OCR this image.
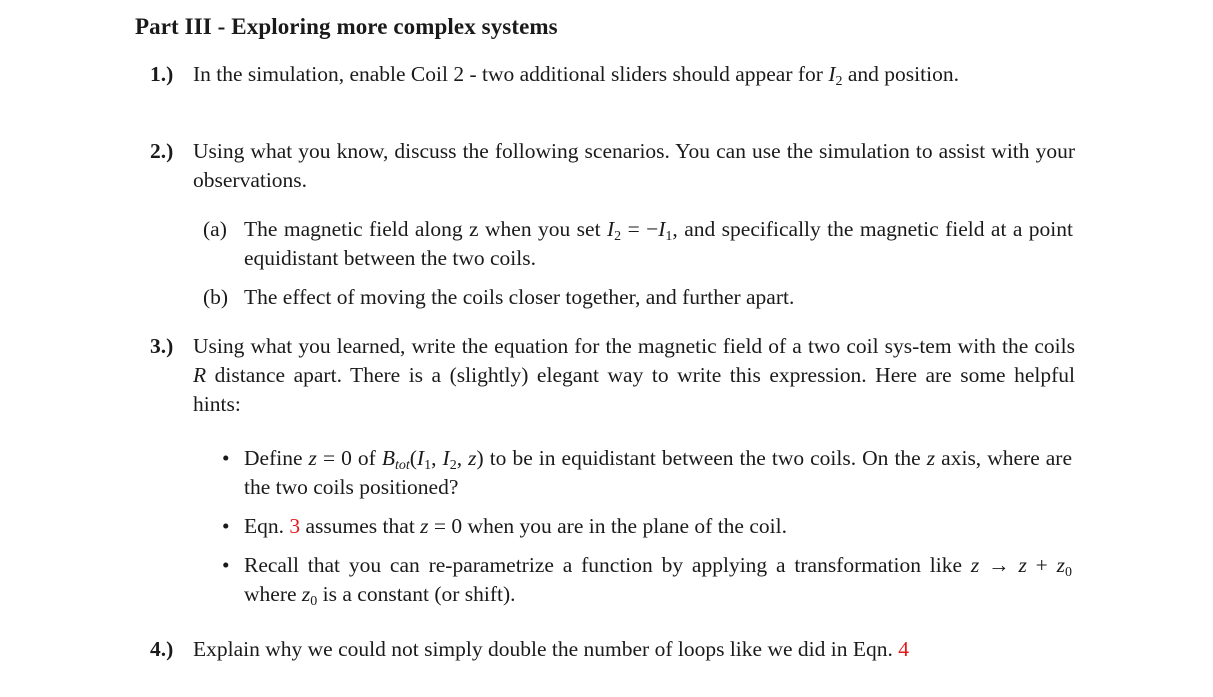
Part III - Exploring more complex systems
1.) In the simulation, enable Coil 2 - two additional sliders should appear for $I_2$ and position.
2.) Using what you know, discuss the following scenarios. You can use the simulation to assist with your observations.
(a) The magnetic field along z when you set $I_2 = -I_1$, and specifically the magnetic field at a point equidistant between the two coils.
(b) The effect of moving the coils closer together, and further apart.
3.) Using what you learned, write the equation for the magnetic field of a two coil sys-tem with the coils R distance apart. There is a (slightly) elegant way to write this expression. Here are some helpful hints:
• Define z = 0 of $B_{tot}(I_1$, $I_2$, z) to be in equidistant between the two coils. On the z axis, where are the two coils positioned?
• Eqn. 3 assumes that z = 0 when you are in the plane of the coil.
• Recall that you can re-parametrize a function by applying a transformation like $z \to z + z_0$ where $z_0$ is a constant (or shift).
4.) Explain why we could not simply double the number of loops like we did in Eqn. 4
